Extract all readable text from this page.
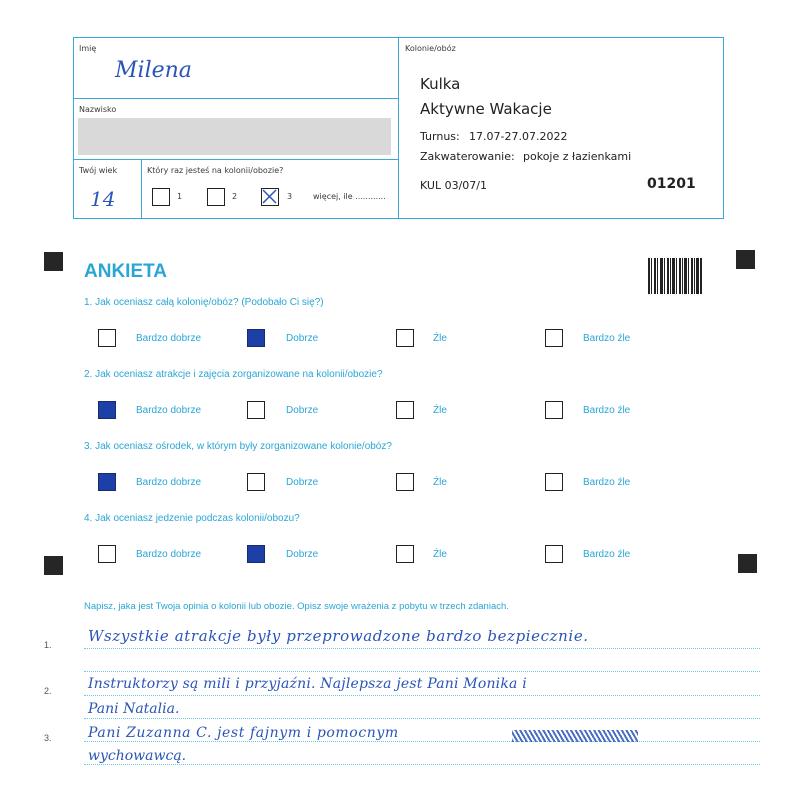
Imię
Milena
Nazwisko
Twój wiek
14
Który raz jesteś na kolonii/obozie?
1	2	3	więcej, ile ............
Kolonie/obóz
Kulka
Aktywne Wakacje
Turnus: 17.07-27.07.2022
Zakwaterowanie: pokoje z łazienkami
KUL 03/07/1	01201
ANKIETA
1. Jak oceniasz całą kolonię/obóz? (Podobało Ci się?)
Bardzo dobrze	Dobrze	Źle	Bardzo źle
2. Jak oceniasz atrakcje i zajęcia zorganizowane na kolonii/obozie?
Bardzo dobrze	Dobrze	Źle	Bardzo źle
3. Jak oceniasz ośrodek, w którym były zorganizowane kolonie/obóz?
Bardzo dobrze	Dobrze	Źle	Bardzo źle
4. Jak oceniasz jedzenie podczas kolonii/obozu?
Bardzo dobrze	Dobrze	Źle	Bardzo źle
Napisz, jaka jest Twoja opinia o kolonii lub obozie. Opisz swoje wrażenia z pobytu w trzech zdaniach.
1.
2.
3.
Wszystkie atrakcje były przeprowadzone bardzo bezpiecznie.
Instruktorzy są mili i przyjaźni. Najlepsza jest Pani Monika i
Pani Natalia.
Pani Zuzanna C. jest fajnym i pomocnym
wychowawcą.
